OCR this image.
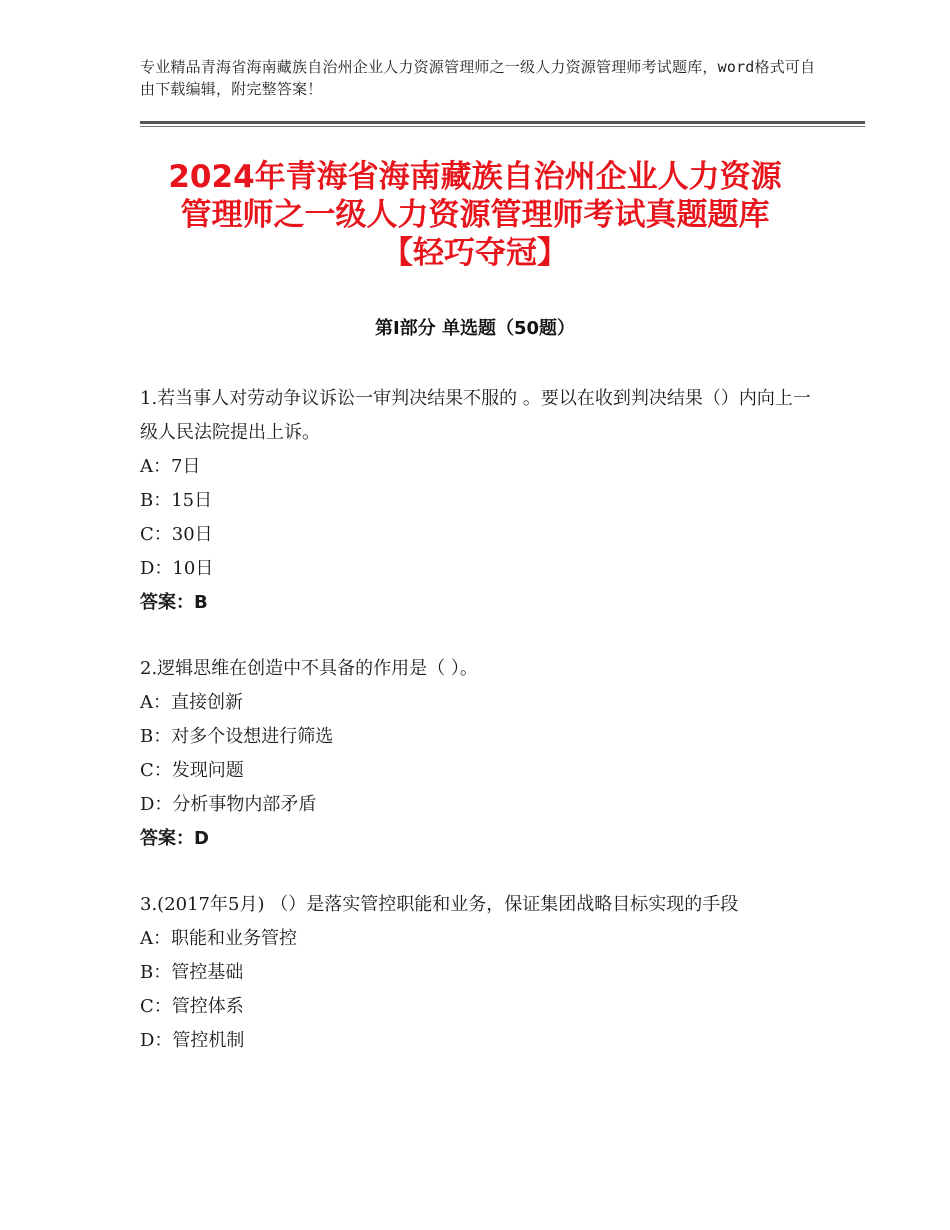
专业精品青海省海南藏族自治州企业人力资源管理师之一级人力资源管理师考试题库，word格式可自由下载编辑，附完整答案！
2024年青海省海南藏族自治州企业人力资源
管理师之一级人力资源管理师考试真题题库
【轻巧夺冠】
第Ⅰ部分 单选题（50题）

1.若当事人对劳动争议诉讼一审判决结果不服的 。要以在收到判决结果（）内向上一级人民法院提出上诉。

A：7日

B：15日

C：30日

D：10日

答案：B

2.逻辑思维在创造中不具备的作用是（ ）。

A：直接创新

B：对多个设想进行筛选

C：发现问题

D：分析事物内部矛盾

答案：D

3.(2017年5月) （）是落实管控职能和业务，保证集团战略目标实现的手段

A：职能和业务管控

B：管控基础

C：管控体系

D：管控机制
